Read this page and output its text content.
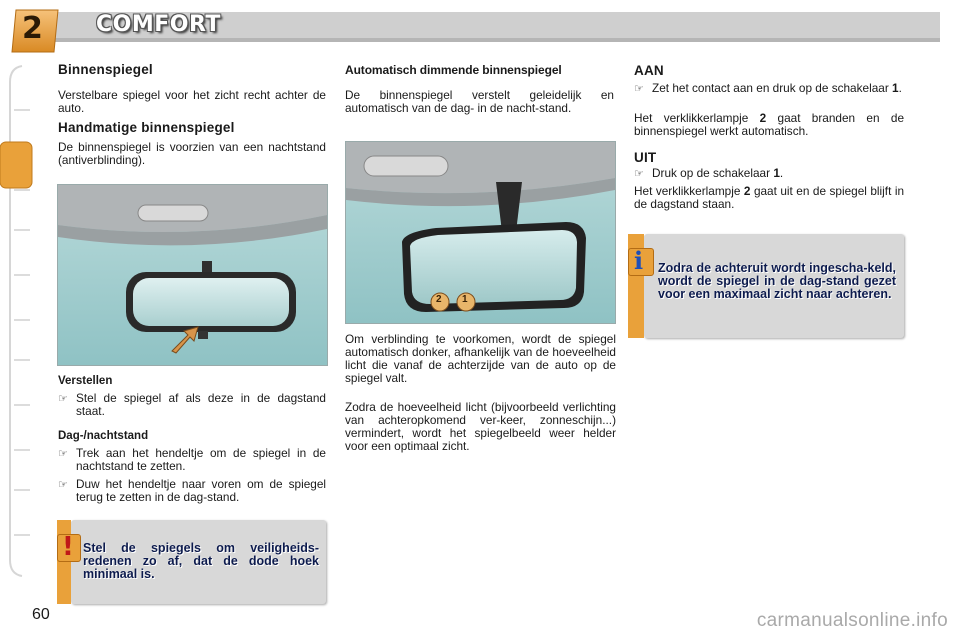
2 COMFORT
Binnenspiegel
Verstelbare spiegel voor het zicht recht achter de auto.
Handmatige binnenspiegel
De binnenspiegel is voorzien van een nachtstand (antiverblinding).
Verstellen
☞ Stel de spiegel af als deze in de dagstand staat.
Dag-/nachtstand
☞ Trek aan het hendeltje om de spiegel in de nachtstand te zetten.
☞ Duw het hendeltje naar voren om de spiegel terug te zetten in de dag-stand.
! Stel de spiegels om veiligheids-redenen zo af, dat de dode hoek minimaal is.
Automatisch dimmende binnenspiegel
De binnenspiegel verstelt geleidelijk en automatisch van de dag- in de nacht-stand.
2 1
Om verblinding te voorkomen, wordt de spiegel automatisch donker, afhankelijk van de hoeveelheid licht die vanaf de achterzijde van de auto op de spiegel valt.
Zodra de hoeveelheid licht (bijvoorbeeld verlichting van achteropkomend ver-keer, zonneschijn...) vermindert, wordt het spiegelbeeld weer helder voor een optimaal zicht.
AAN
☞ Zet het contact aan en druk op de schakelaar 1.
Het verklikkerlampje 2 gaat branden en de binnenspiegel werkt automatisch.
UIT
☞ Druk op de schakelaar 1.
Het verklikkerlampje 2 gaat uit en de spiegel blijft in de dagstand staan.
i Zodra de achteruit wordt ingescha-keld, wordt de spiegel in de dag-stand gezet voor een maximaal zicht naar achteren.
60	carmanualsonline.info
